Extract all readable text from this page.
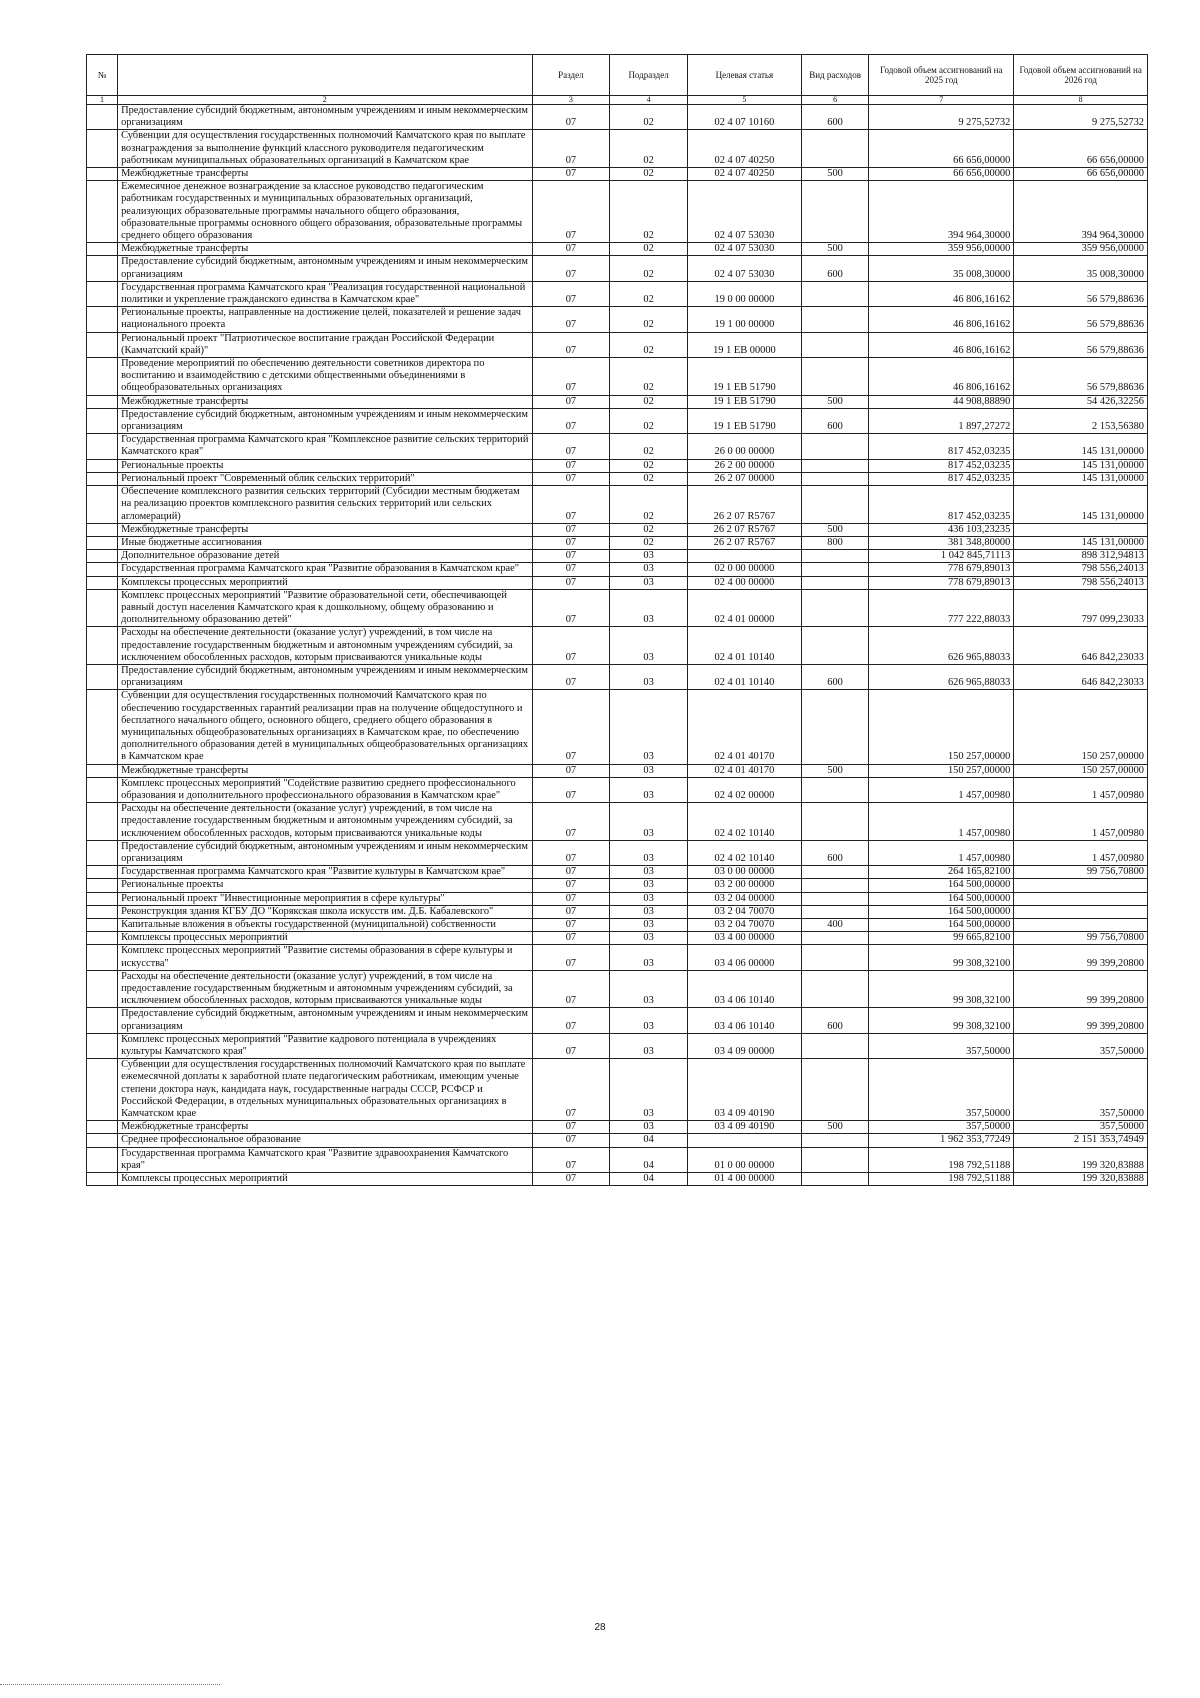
№		Раздел	Подраздел	Целевая статья	Вид расходов	Годовой объем ассигнований на 2025 год	Годовой объем ассигнований на 2026 год
1	2	3	4	5	6	7	8
	Предоставление субсидий бюджетным, автономным учреждениям и иным некоммерческим организациям	07	02	02 4 07 10160	600	9 275,52732	9 275,52732
	Субвенции для осуществления государственных полномочий Камчатского края по выплате вознаграждения за выполнение функций классного руководителя педагогическим работникам муниципальных образовательных организаций в Камчатском крае	07	02	02 4 07 40250		66 656,00000	66 656,00000
	Межбюджетные трансферты	07	02	02 4 07 40250	500	66 656,00000	66 656,00000
	Ежемесячное денежное вознаграждение за классное руководство педагогическим работникам государственных и муниципальных образовательных организаций, реализующих образовательные программы начального общего образования, образовательные программы основного общего образования, образовательные программы среднего общего образования	07	02	02 4 07 53030		394 964,30000	394 964,30000
	Межбюджетные трансферты	07	02	02 4 07 53030	500	359 956,00000	359 956,00000
	Предоставление субсидий бюджетным, автономным учреждениям и иным некоммерческим организациям	07	02	02 4 07 53030	600	35 008,30000	35 008,30000
	Государственная программа Камчатского края "Реализация государственной национальной политики и укрепление гражданского единства в Камчатском крае"	07	02	19 0 00 00000		46 806,16162	56 579,88636
	Региональные проекты, направленные на достижение целей, показателей и решение задач национального проекта	07	02	19 1 00 00000		46 806,16162	56 579,88636
	Региональный проект "Патриотическое воспитание граждан Российской Федерации (Камчатский край)"	07	02	19 1 ЕВ 00000		46 806,16162	56 579,88636
	Проведение мероприятий по обеспечению деятельности советников директора по воспитанию и взаимодействию с детскими общественными объединениями в общеобразовательных организациях	07	02	19 1 ЕВ 51790		46 806,16162	56 579,88636
	Межбюджетные трансферты	07	02	19 1 ЕВ 51790	500	44 908,88890	54 426,32256
	Предоставление субсидий бюджетным, автономным учреждениям и иным некоммерческим организациям	07	02	19 1 ЕВ 51790	600	1 897,27272	2 153,56380
	Государственная программа Камчатского края "Комплексное развитие сельских территорий Камчатского края"	07	02	26 0 00 00000		817 452,03235	145 131,00000
	Региональные проекты	07	02	26 2 00 00000		817 452,03235	145 131,00000
	Региональный проект "Современный облик сельских территорий"	07	02	26 2 07 00000		817 452,03235	145 131,00000
	Обеспечение комплексного развития сельских территорий (Субсидии местным бюджетам на реализацию проектов комплексного развития сельских территорий или сельских агломераций)	07	02	26 2 07 R5767		817 452,03235	145 131,00000
	Межбюджетные трансферты	07	02	26 2 07 R5767	500	436 103,23235	
	Иные бюджетные ассигнования	07	02	26 2 07 R5767	800	381 348,80000	145 131,00000
	Дополнительное образование детей	07	03			1 042 845,71113	898 312,94813
	Государственная программа Камчатского края "Развитие образования в Камчатском крае"	07	03	02 0 00 00000		778 679,89013	798 556,24013
	Комплексы процессных мероприятий	07	03	02 4 00 00000		778 679,89013	798 556,24013
	Комплекс процессных мероприятий "Развитие образовательной сети, обеспечивающей равный доступ населения Камчатского края к дошкольному, общему образованию и дополнительному образованию детей"	07	03	02 4 01 00000		777 222,88033	797 099,23033
	Расходы на обеспечение деятельности (оказание услуг) учреждений, в том числе на предоставление государственным бюджетным и автономным учреждениям субсидий, за исключением обособленных расходов, которым присваиваются уникальные коды	07	03	02 4 01 10140		626 965,88033	646 842,23033
	Предоставление субсидий бюджетным, автономным учреждениям и иным некоммерческим организациям	07	03	02 4 01 10140	600	626 965,88033	646 842,23033
	Субвенции для осуществления государственных полномочий Камчатского края по обеспечению государственных гарантий реализации прав на получение общедоступного и бесплатного начального общего, основного общего, среднего общего образования в муниципальных общеобразовательных организациях в Камчатском крае, по обеспечению дополнительного образования детей в муниципальных общеобразовательных организациях в Камчатском крае	07	03	02 4 01 40170		150 257,00000	150 257,00000
	Межбюджетные трансферты	07	03	02 4 01 40170	500	150 257,00000	150 257,00000
	Комплекс процессных мероприятий "Содействие развитию среднего профессионального образования и дополнительного профессионального образования в Камчатском крае"	07	03	02 4 02 00000		1 457,00980	1 457,00980
	Расходы на обеспечение деятельности (оказание услуг) учреждений, в том числе на предоставление государственным бюджетным и автономным учреждениям субсидий, за исключением обособленных расходов, которым присваиваются уникальные коды	07	03	02 4 02 10140		1 457,00980	1 457,00980
	Предоставление субсидий бюджетным, автономным учреждениям и иным некоммерческим организациям	07	03	02 4 02 10140	600	1 457,00980	1 457,00980
	Государственная программа Камчатского края "Развитие культуры в Камчатском крае"	07	03	03 0 00 00000		264 165,82100	99 756,70800
	Региональные проекты	07	03	03 2 00 00000		164 500,00000	
	Региональный проект "Инвестиционные мероприятия в сфере культуры"	07	03	03 2 04 00000		164 500,00000	
	Реконструкция здания КГБУ ДО "Корякская школа искусств им. Д.Б. Кабалевского"	07	03	03 2 04 70070		164 500,00000	
	Капитальные вложения в объекты государственной (муниципальной) собственности	07	03	03 2 04 70070	400	164 500,00000	
	Комплексы процессных мероприятий	07	03	03 4 00 00000		99 665,82100	99 756,70800
	Комплекс процессных мероприятий "Развитие системы образования в сфере культуры и искусства"	07	03	03 4 06 00000		99 308,32100	99 399,20800
	Расходы на обеспечение деятельности (оказание услуг) учреждений, в том числе на предоставление государственным бюджетным и автономным учреждениям субсидий, за исключением обособленных расходов, которым присваиваются уникальные коды	07	03	03 4 06 10140		99 308,32100	99 399,20800
	Предоставление субсидий бюджетным, автономным учреждениям и иным некоммерческим организациям	07	03	03 4 06 10140	600	99 308,32100	99 399,20800
	Комплекс процессных мероприятий "Развитие кадрового потенциала в учреждениях культуры Камчатского края"	07	03	03 4 09 00000		357,50000	357,50000
	Субвенции для осуществления государственных полномочий Камчатского края по выплате ежемесячной доплаты к заработной плате педагогическим работникам, имеющим ученые степени доктора наук, кандидата наук, государственные награды СССР, РСФСР и Российской Федерации, в отдельных муниципальных образовательных организациях в Камчатском крае	07	03	03 4 09 40190		357,50000	357,50000
	Межбюджетные трансферты	07	03	03 4 09 40190	500	357,50000	357,50000
	Среднее профессиональное образование	07	04			1 962 353,77249	2 151 353,74949
	Государственная программа Камчатского края "Развитие здравоохранения Камчатского края"	07	04	01 0 00 00000		198 792,51188	199 320,83888
	Комплексы процессных мероприятий	07	04	01 4 00 00000		198 792,51188	199 320,83888
28
